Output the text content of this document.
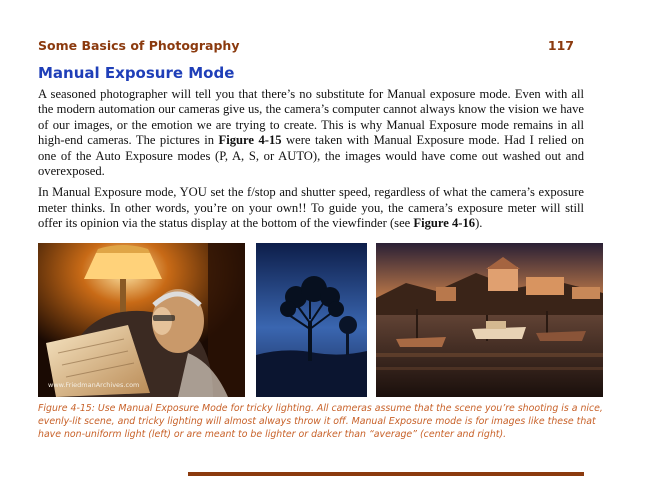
Some Basics of Photography	117
Manual Exposure Mode

A seasoned photographer will tell you that there’s no substitute for Manual exposure mode. Even with all the modern automation our cameras give us, the camera’s computer cannot always know the vision we have of our images, or the emotion we are trying to create. This is why Manual Exposure mode remains in all high-end cameras. The pictures in Figure 4-15 were taken with Manual Exposure mode. Had I relied on one of the Auto Exposure modes (P, A, S, or AUTO), the images would have come out washed out and overexposed.

In Manual Exposure mode, YOU set the f/stop and shutter speed, regardless of what the camera’s exposure meter thinks. In other words, you’re on your own!! To guide you, the camera’s exposure meter will still offer its opinion via the status display at the bottom of the viewfinder (see Figure 4-16).

www.FriedmanArchives.com
Figure 4-15: Use Manual Exposure Mode for tricky lighting. All cameras assume that the scene you’re shooting is a nice, evenly-lit scene, and tricky lighting will almost always throw it off. Manual Exposure mode is for images like these that have non-uniform light (left) or are meant to be lighter or darker than “average” (center and right).
